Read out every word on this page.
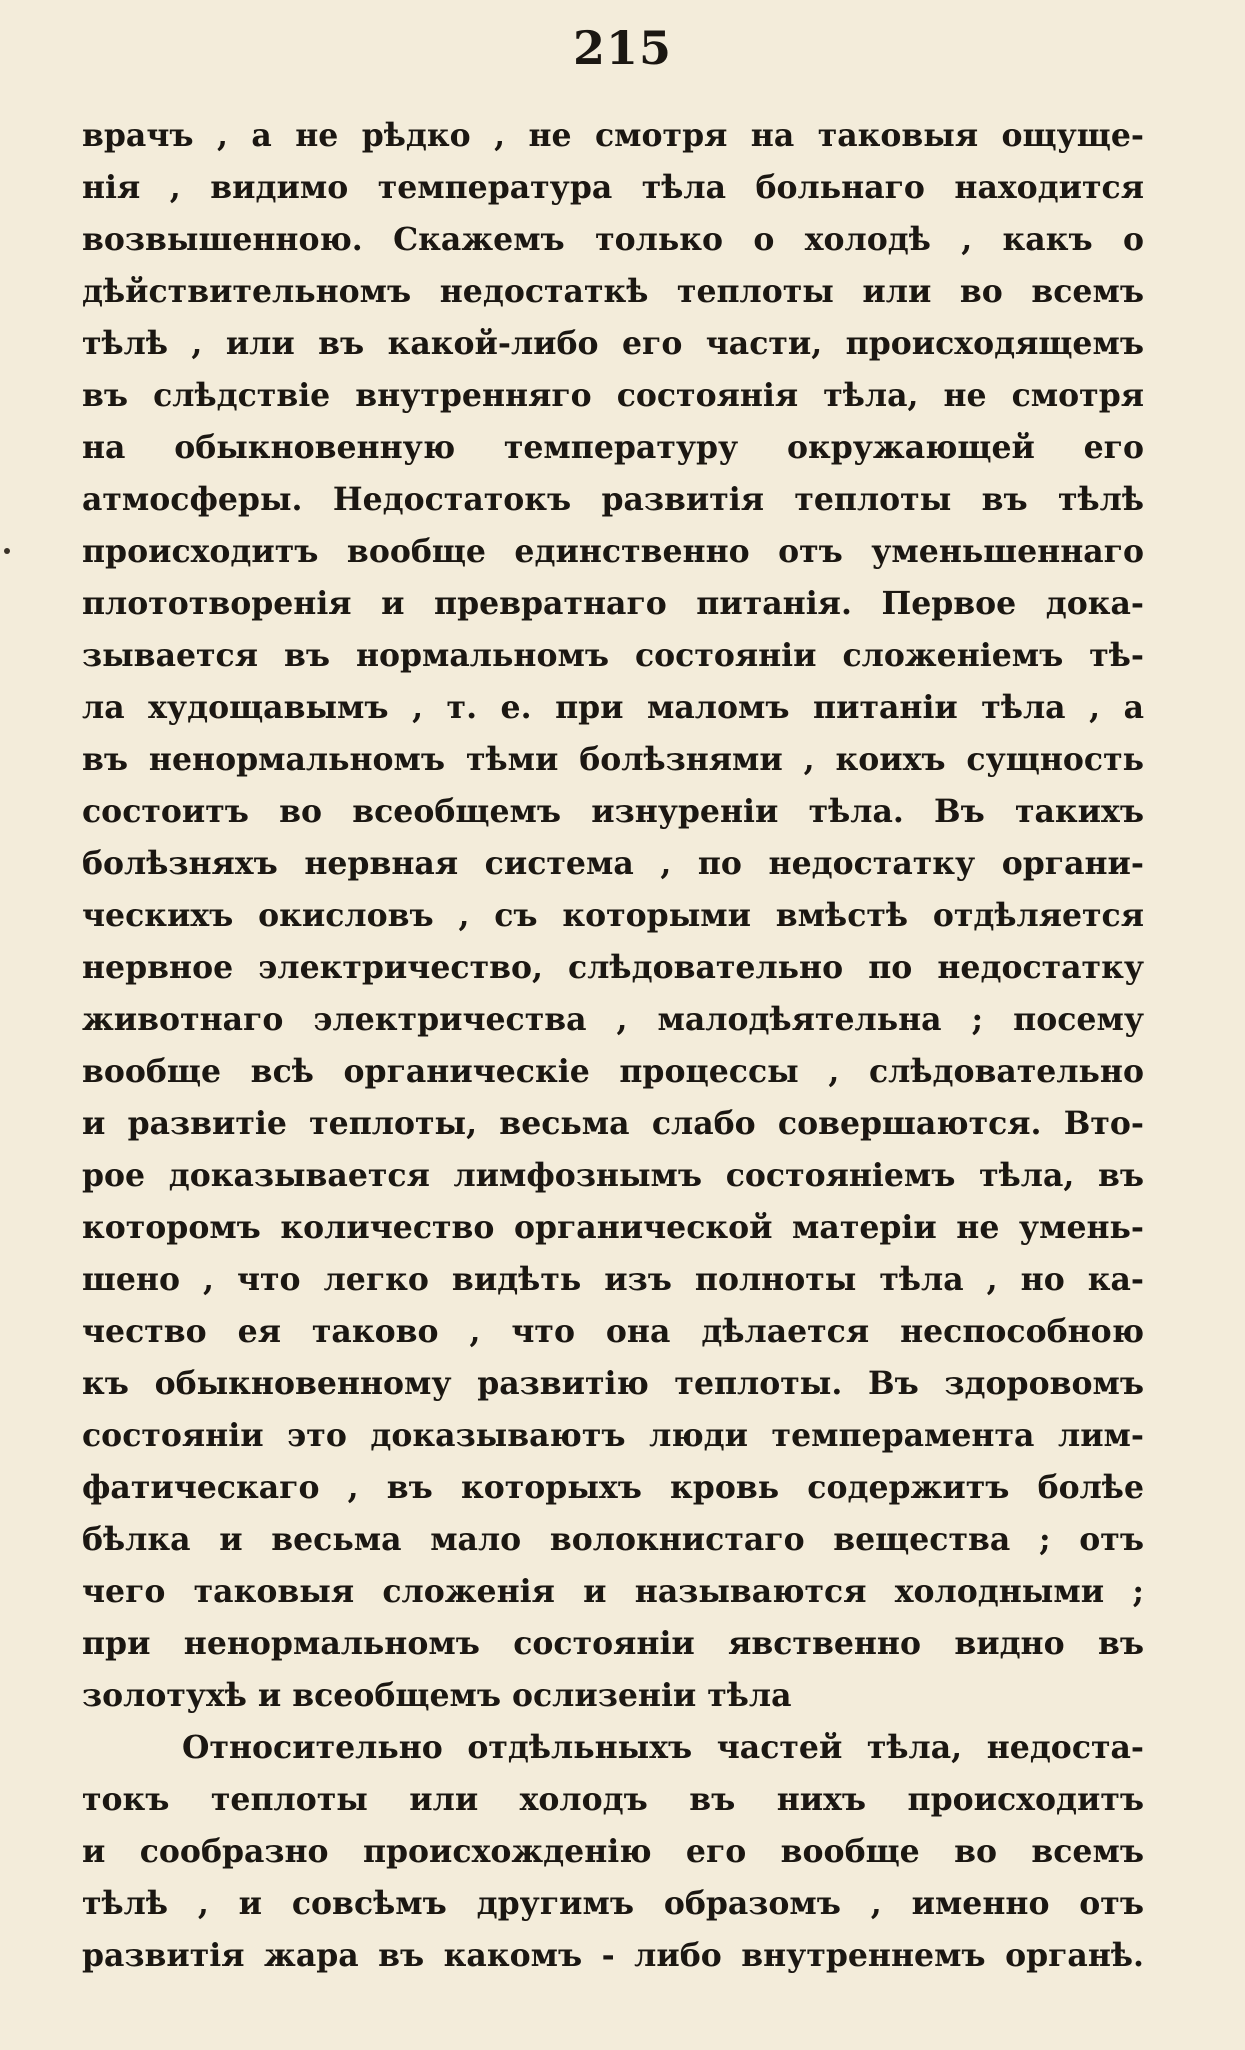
215
врачъ , а не рѣдко , не смотря на таковыя ощуще-
нія , видимо температура тѣла больнаго находится
возвышенною. Скажемъ только о холодѣ , какъ о
дѣйствительномъ недостаткѣ теплоты или во всемъ
тѣлѣ , или въ какой-либо его части, происходящемъ
въ слѣдствіе внутренняго состоянія тѣла, не смотря
на обыкновенную температуру окружающей его
атмосферы. Недостатокъ развитія теплоты въ тѣлѣ
происходитъ вообще единственно отъ уменьшеннаго
плототворенія и превратнаго питанія. Первое дока-
зывается въ нормальномъ состояніи сложеніемъ тѣ-
ла худощавымъ , т. е. при маломъ питаніи тѣла , а
въ ненормальномъ тѣми болѣзнями , коихъ сущность
состоитъ во всеобщемъ изнуреніи тѣла. Въ такихъ
болѣзняхъ нервная система , по недостатку органи-
ческихъ окисловъ , съ которыми вмѣстѣ отдѣляется
нервное электричество, слѣдовательно по недостатку
животнаго электричества , малодѣятельна ; посему
вообще всѣ органическіе процессы , слѣдовательно
и развитіе теплоты, весьма слабо совершаются. Вто-
рое доказывается лимфознымъ состояніемъ тѣла, въ
которомъ количество органической матеріи не умень-
шено , что легко видѣть изъ полноты тѣла , но ка-
чество ея таково , что она дѣлается неспособною
къ обыкновенному развитію теплоты. Въ здоровомъ
состояніи это доказываютъ люди темперамента лим-
фатическаго , въ которыхъ кровь содержитъ болѣе
бѣлка и весьма мало волокнистаго вещества ; отъ
чего таковыя сложенія и называются холодными ;
при ненормальномъ состояніи явственно видно въ
золотухѣ и всеобщемъ ослизеніи тѣла
Относительно отдѣльныхъ частей тѣла, недоста-
токъ теплоты или холодъ въ нихъ происходитъ
и сообразно происхожденію его вообще во всемъ
тѣлѣ , и совсѣмъ другимъ образомъ , именно отъ
развитія жара въ какомъ - либо внутреннемъ органѣ.
